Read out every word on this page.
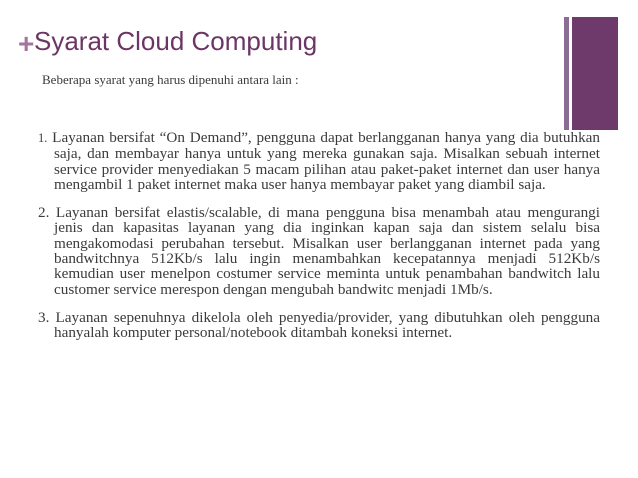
+ Syarat Cloud Computing
Beberapa syarat yang harus dipenuhi antara lain :

1. Layanan bersifat “On Demand”, pengguna dapat berlangganan hanya yang dia butuhkan saja, dan membayar hanya untuk yang mereka gunakan saja. Misalkan sebuah internet service provider menyediakan 5 macam pilihan atau paket-paket internet dan user hanya mengambil 1 paket internet maka user hanya membayar paket yang diambil saja.

2. Layanan bersifat elastis/scalable, di mana pengguna bisa menambah atau mengurangi jenis dan kapasitas layanan yang dia inginkan kapan saja dan sistem selalu bisa mengakomodasi perubahan tersebut. Misalkan user berlangganan internet pada yang bandwitchnya 512Kb/s lalu ingin menambahkan kecepatannya menjadi 512Kb/s kemudian user menelpon costumer service meminta untuk penambahan bandwitch lalu customer service merespon dengan mengubah bandwitc menjadi 1Mb/s.

3. Layanan sepenuhnya dikelola oleh penyedia/provider, yang dibutuhkan oleh pengguna hanyalah komputer personal/notebook ditambah koneksi internet.
